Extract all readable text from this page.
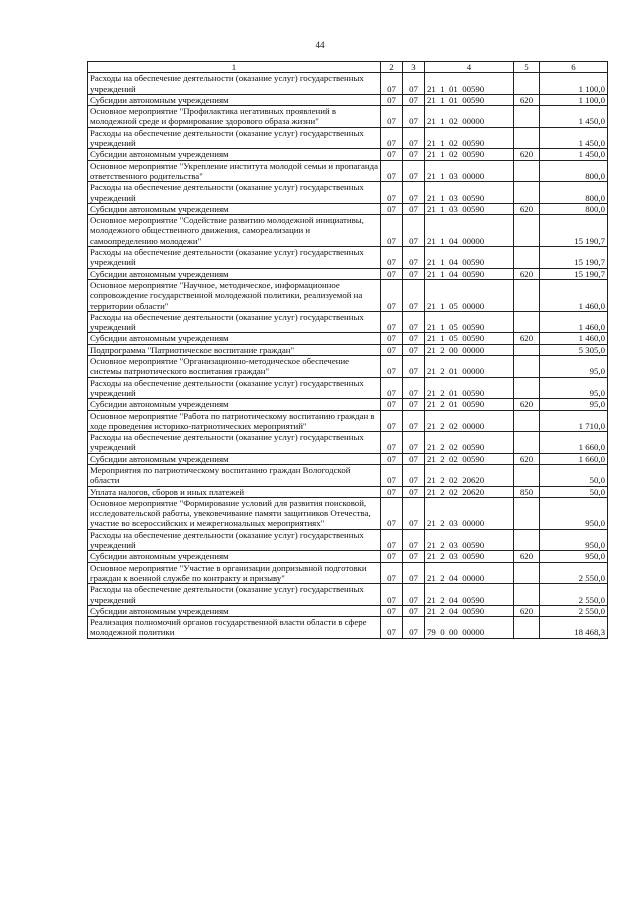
44
1	2	3	4	5	6
Расходы на обеспечение деятельности (оказание услуг) государственных учреждений	07	07	21  1  01  00590		1 100,0
Субсидии автономным учреждениям	07	07	21  1  01  00590	620	1 100,0
Основное мероприятие "Профилактика негативных проявлений в молодежной среде и формирование здорового образа жизни"	07	07	21  1  02  00000		1 450,0
Расходы на обеспечение деятельности (оказание услуг) государственных учреждений	07	07	21  1  02  00590		1 450,0
Субсидии автономным учреждениям	07	07	21  1  02  00590	620	1 450,0
Основное мероприятие "Укрепление института молодой семьи и пропаганда ответственного родительства"	07	07	21  1  03  00000		800,0
Расходы на обеспечение деятельности (оказание услуг) государственных учреждений	07	07	21  1  03  00590		800,0
Субсидии автономным учреждениям	07	07	21  1  03  00590	620	800,0
Основное мероприятие "Содействие развитию молодежной инициативы, молодежного общественного движения, самореализации и самоопределению молодежи"	07	07	21  1  04  00000		15 190,7
Расходы на обеспечение деятельности (оказание услуг) государственных учреждений	07	07	21  1  04  00590		15 190,7
Субсидии автономным учреждениям	07	07	21  1  04  00590	620	15 190,7
Основное мероприятие "Научное, методическое, информационное сопровождение государственной молодежной политики, реализуемой на территории области"	07	07	21  1  05  00000		1 460,0
Расходы на обеспечение деятельности (оказание услуг) государственных учреждений	07	07	21  1  05  00590		1 460,0
Субсидии автономным учреждениям	07	07	21  1  05  00590	620	1 460,0
Подпрограмма "Патриотическое воспитание граждан"	07	07	21  2  00  00000		5 305,0
Основное мероприятие "Организационно-методическое обеспечение системы патриотического воспитания граждан"	07	07	21  2  01  00000		95,0
Расходы на обеспечение деятельности (оказание услуг) государственных учреждений	07	07	21  2  01  00590		95,0
Субсидии автономным учреждениям	07	07	21  2  01  00590	620	95,0
Основное мероприятие "Работа по патриотическому воспитанию граждан в ходе проведения историко-патриотических мероприятий"	07	07	21  2  02  00000		1 710,0
Расходы на обеспечение деятельности (оказание услуг) государственных учреждений	07	07	21  2  02  00590		1 660,0
Субсидии автономным учреждениям	07	07	21  2  02  00590	620	1 660,0
Мероприятия по патриотическому воспитанию граждан Вологодской области	07	07	21  2  02  20620		50,0
Уплата налогов, сборов и иных платежей	07	07	21  2  02  20620	850	50,0
Основное мероприятие "Формирование условий для развития поисковой, исследовательской работы, увековечивание памяти защитников Отечества, участие во всероссийских и межрегиональных мероприятиях"	07	07	21  2  03  00000		950,0
Расходы на обеспечение деятельности (оказание услуг) государственных учреждений	07	07	21  2  03  00590		950,0
Субсидии автономным учреждениям	07	07	21  2  03  00590	620	950,0
Основное мероприятие "Участие в организации допризывной подготовки граждан к военной службе по контракту и призыву"	07	07	21  2  04  00000		2 550,0
Расходы на обеспечение деятельности (оказание услуг) государственных учреждений	07	07	21  2  04  00590		2 550,0
Субсидии автономным учреждениям	07	07	21  2  04  00590	620	2 550,0
Реализация полномочий органов государственной власти области в сфере молодежной политики	07	07	79  0  00  00000		18 468,3
